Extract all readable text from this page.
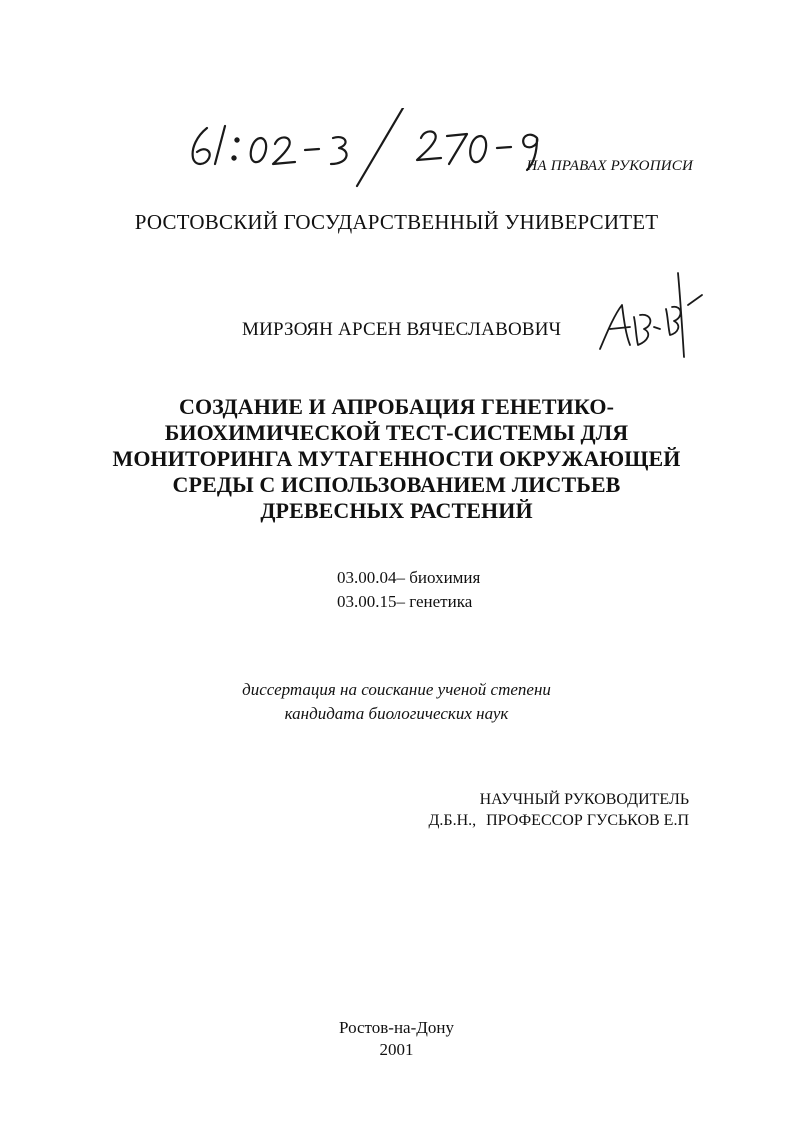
НА ПРАВАХ РУКОПИСИ
РОСТОВСКИЙ ГОСУДАРСТВЕННЫЙ УНИВЕРСИТЕТ
МИРЗОЯН АРСЕН ВЯЧЕСЛАВОВИЧ
СОЗДАНИЕ И АПРОБАЦИЯ ГЕНЕТИКО-
БИОХИМИЧЕСКОЙ ТЕСТ-СИСТЕМЫ ДЛЯ
МОНИТОРИНГА МУТАГЕННОСТИ ОКРУЖАЮЩЕЙ
СРЕДЫ С ИСПОЛЬЗОВАНИЕМ ЛИСТЬЕВ
ДРЕВЕСНЫХ РАСТЕНИЙ
03.00.04– биохимия
03.00.15– генетика
диссертация на соискание ученой степени
кандидата биологических наук
НАУЧНЫЙ РУКОВОДИТЕЛЬ
Д.Б.Н., ПРОФЕССОР ГУСЬКОВ Е.П
Ростов-на-Дону
2001
